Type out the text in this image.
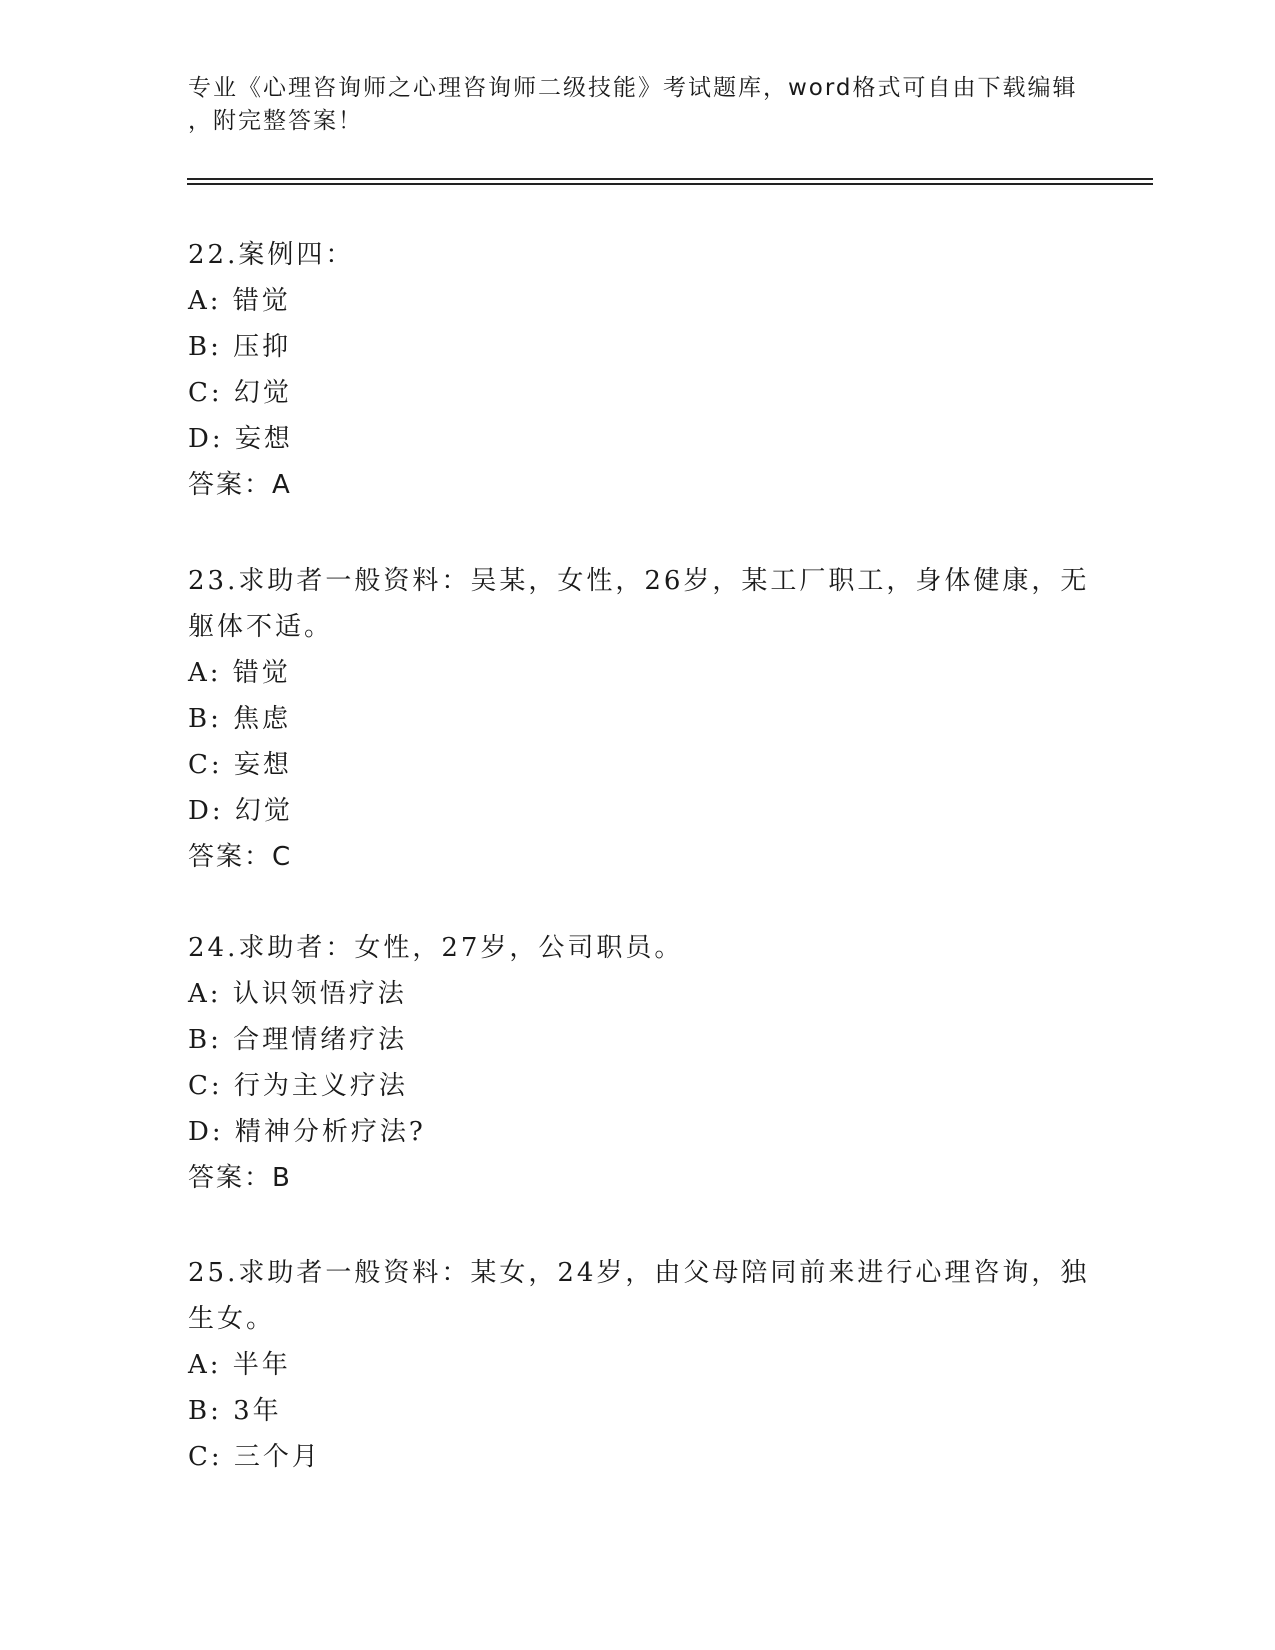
专业《心理咨询师之心理咨询师二级技能》考试题库，word格式可自由下载编辑
，附完整答案！
22.案例四：
A: 错觉
B: 压抑
C: 幻觉
D: 妄想
答案：A
23.求助者一般资料：吴某，女性，26岁，某工厂职工，身体健康，无
躯体不适。
A: 错觉
B: 焦虑
C: 妄想
D: 幻觉
答案：C
24.求助者：女性，27岁，公司职员。
A: 认识领悟疗法
B: 合理情绪疗法
C: 行为主义疗法
D: 精神分析疗法?
答案：B
25.求助者一般资料：某女，24岁，由父母陪同前来进行心理咨询，独
生女。
A: 半年
B: 3年
C: 三个月
